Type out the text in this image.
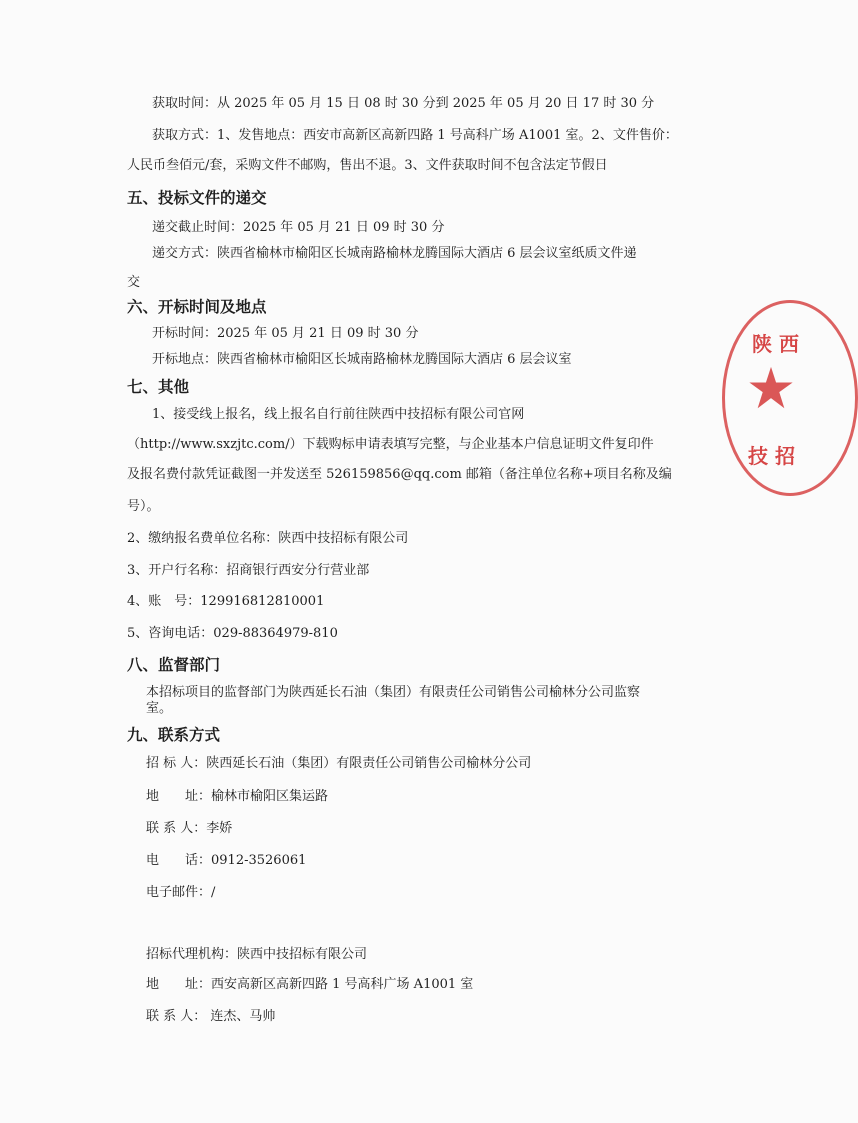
获取时间：从 2025 年 05 月 15 日 08 时 30 分到 2025 年 05 月 20 日 17 时 30 分
获取方式：1、发售地点：西安市高新区高新四路 1 号高科广场 A1001 室。2、文件售价：
人民币叁佰元/套，采购文件不邮购，售出不退。3、文件获取时间不包含法定节假日
五、投标文件的递交
递交截止时间：2025 年 05 月 21 日 09 时 30 分
递交方式：陕西省榆林市榆阳区长城南路榆林龙腾国际大酒店 6 层会议室纸质文件递
交
六、开标时间及地点
开标时间：2025 年 05 月 21 日 09 时 30 分
开标地点：陕西省榆林市榆阳区长城南路榆林龙腾国际大酒店 6 层会议室
七、其他
1、接受线上报名，线上报名自行前往陕西中技招标有限公司官网
（http://www.sxzjtc.com/）下载购标申请表填写完整，与企业基本户信息证明文件复印件
及报名费付款凭证截图一并发送至 526159856@qq.com 邮箱（备注单位名称+项目名称及编
号）。
2、缴纳报名费单位名称：陕西中技招标有限公司
3、开户行名称：招商银行西安分行营业部
4、账　号：129916812810001
5、咨询电话：029-88364979-810
八、监督部门
本招标项目的监督部门为陕西延长石油（集团）有限责任公司销售公司榆林分公司监察
室。
九、联系方式
招 标 人：陕西延长石油（集团）有限责任公司销售公司榆林分公司
地　　址：榆林市榆阳区集运路
联 系 人：李娇
电　　话：0912-3526061
电子邮件：/
招标代理机构：陕西中技招标有限公司
地　　址：西安高新区高新四路 1 号高科广场 A1001 室
联 系 人： 连杰、马帅
陕 西
技 招
